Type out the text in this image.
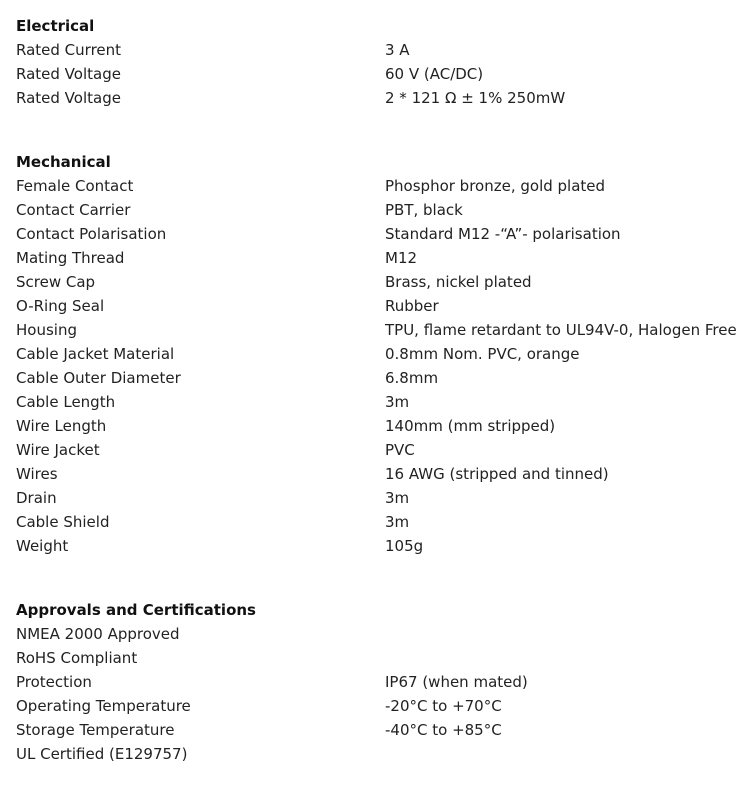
Electrical
Rated Current	3 A
Rated Voltage	60 V (AC/DC)
Rated Voltage	2 * 121 Ω ± 1% 250mW
Mechanical
Female Contact	Phosphor bronze, gold plated
Contact Carrier	PBT, black
Contact Polarisation	Standard M12 -“A”- polarisation
Mating Thread	M12
Screw Cap	Brass, nickel plated
O-Ring Seal	Rubber
Housing	TPU, flame retardant to UL94V-0, Halogen Free
Cable Jacket Material	0.8mm Nom. PVC, orange
Cable Outer Diameter	6.8mm
Cable Length	3m
Wire Length	140mm (mm stripped)
Wire Jacket	PVC
Wires	16 AWG (stripped and tinned)
Drain	3m
Cable Shield	3m
Weight	105g
Approvals and Certifications
NMEA 2000 Approved
RoHS Compliant
Protection	IP67 (when mated)
Operating Temperature	-20°C to +70°C
Storage Temperature	-40°C to +85°C
UL Certified (E129757)
